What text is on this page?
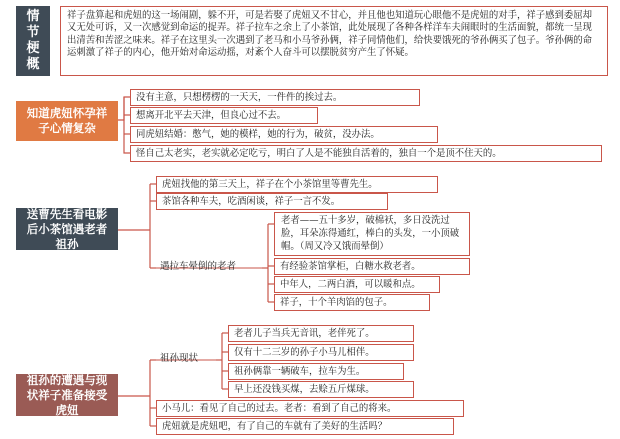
情节梗概
祥子盘算起和虎妞的这一场闹剧，躲不开，可是若娶了虎妞又不甘心，并且他也知道玩心眼他不是虎妞的对手，祥子感到委屈却又无处可诉，又一次感觉到命运的捉弄。祥子拉车之余上了小茶馆，此处展现了各种各样洋车夫闹眼时的生活面貌，都统一呈现出清苦和苦涩之味来。祥子在这里头一次遇到了老马和小马爷孙俩，祥子同情他们，给快要饿死的爷孙俩买了包子。爷孙俩的命运刺激了祥子的内心，他开始对命运动摇，对紊个人奋斗可以摆脱贫穷产生了怀疑。
知道虎妞怀孕祥子心情复杂
没有主意，只想楞楞的一天天，一件件的挨过去。
想离开北平去天津，但良心过不去。
同虎妞结婚：憋气，她的模样，她的行为，破贫，没办法。
怪自己太老实，老实就必定吃亏，明白了人是不能独自活着的，独自一个是顶不住天的。
送曹先生看电影后小茶馆遇老者祖孙
虎妞找他的第三天上，祥子在个小茶馆里等曹先生。
茶馆各种车夫，吃酒闲谈，祥子一言不发。
遇拉车晕倒的老者
老者——五十多岁，破棉袄，多日没洗过脸，耳朵冻得通红，棒白的头发，一小顶破帽。（周又冷又饿而晕倒）
有经验茶馆掌柜，白糖水救老者。
中年人，二两白酒，可以暖和点。
祥子，十个羊肉馅的包子。
祖孙的遭遇与现状祥子准备接受虎妞
祖孙现状
老者儿子当兵无音讯，老伴死了。
仅有十二三岁的孙子小马儿相伴。
祖孙俩靠一辆破车，拉车为生。
早上还没钱买煤，去赊五斤煤球。
小马儿：看见了自己的过去。老者：看到了自己的将来。
虎妞就是虎妞吧，有了自己的车就有了美好的生活吗？
